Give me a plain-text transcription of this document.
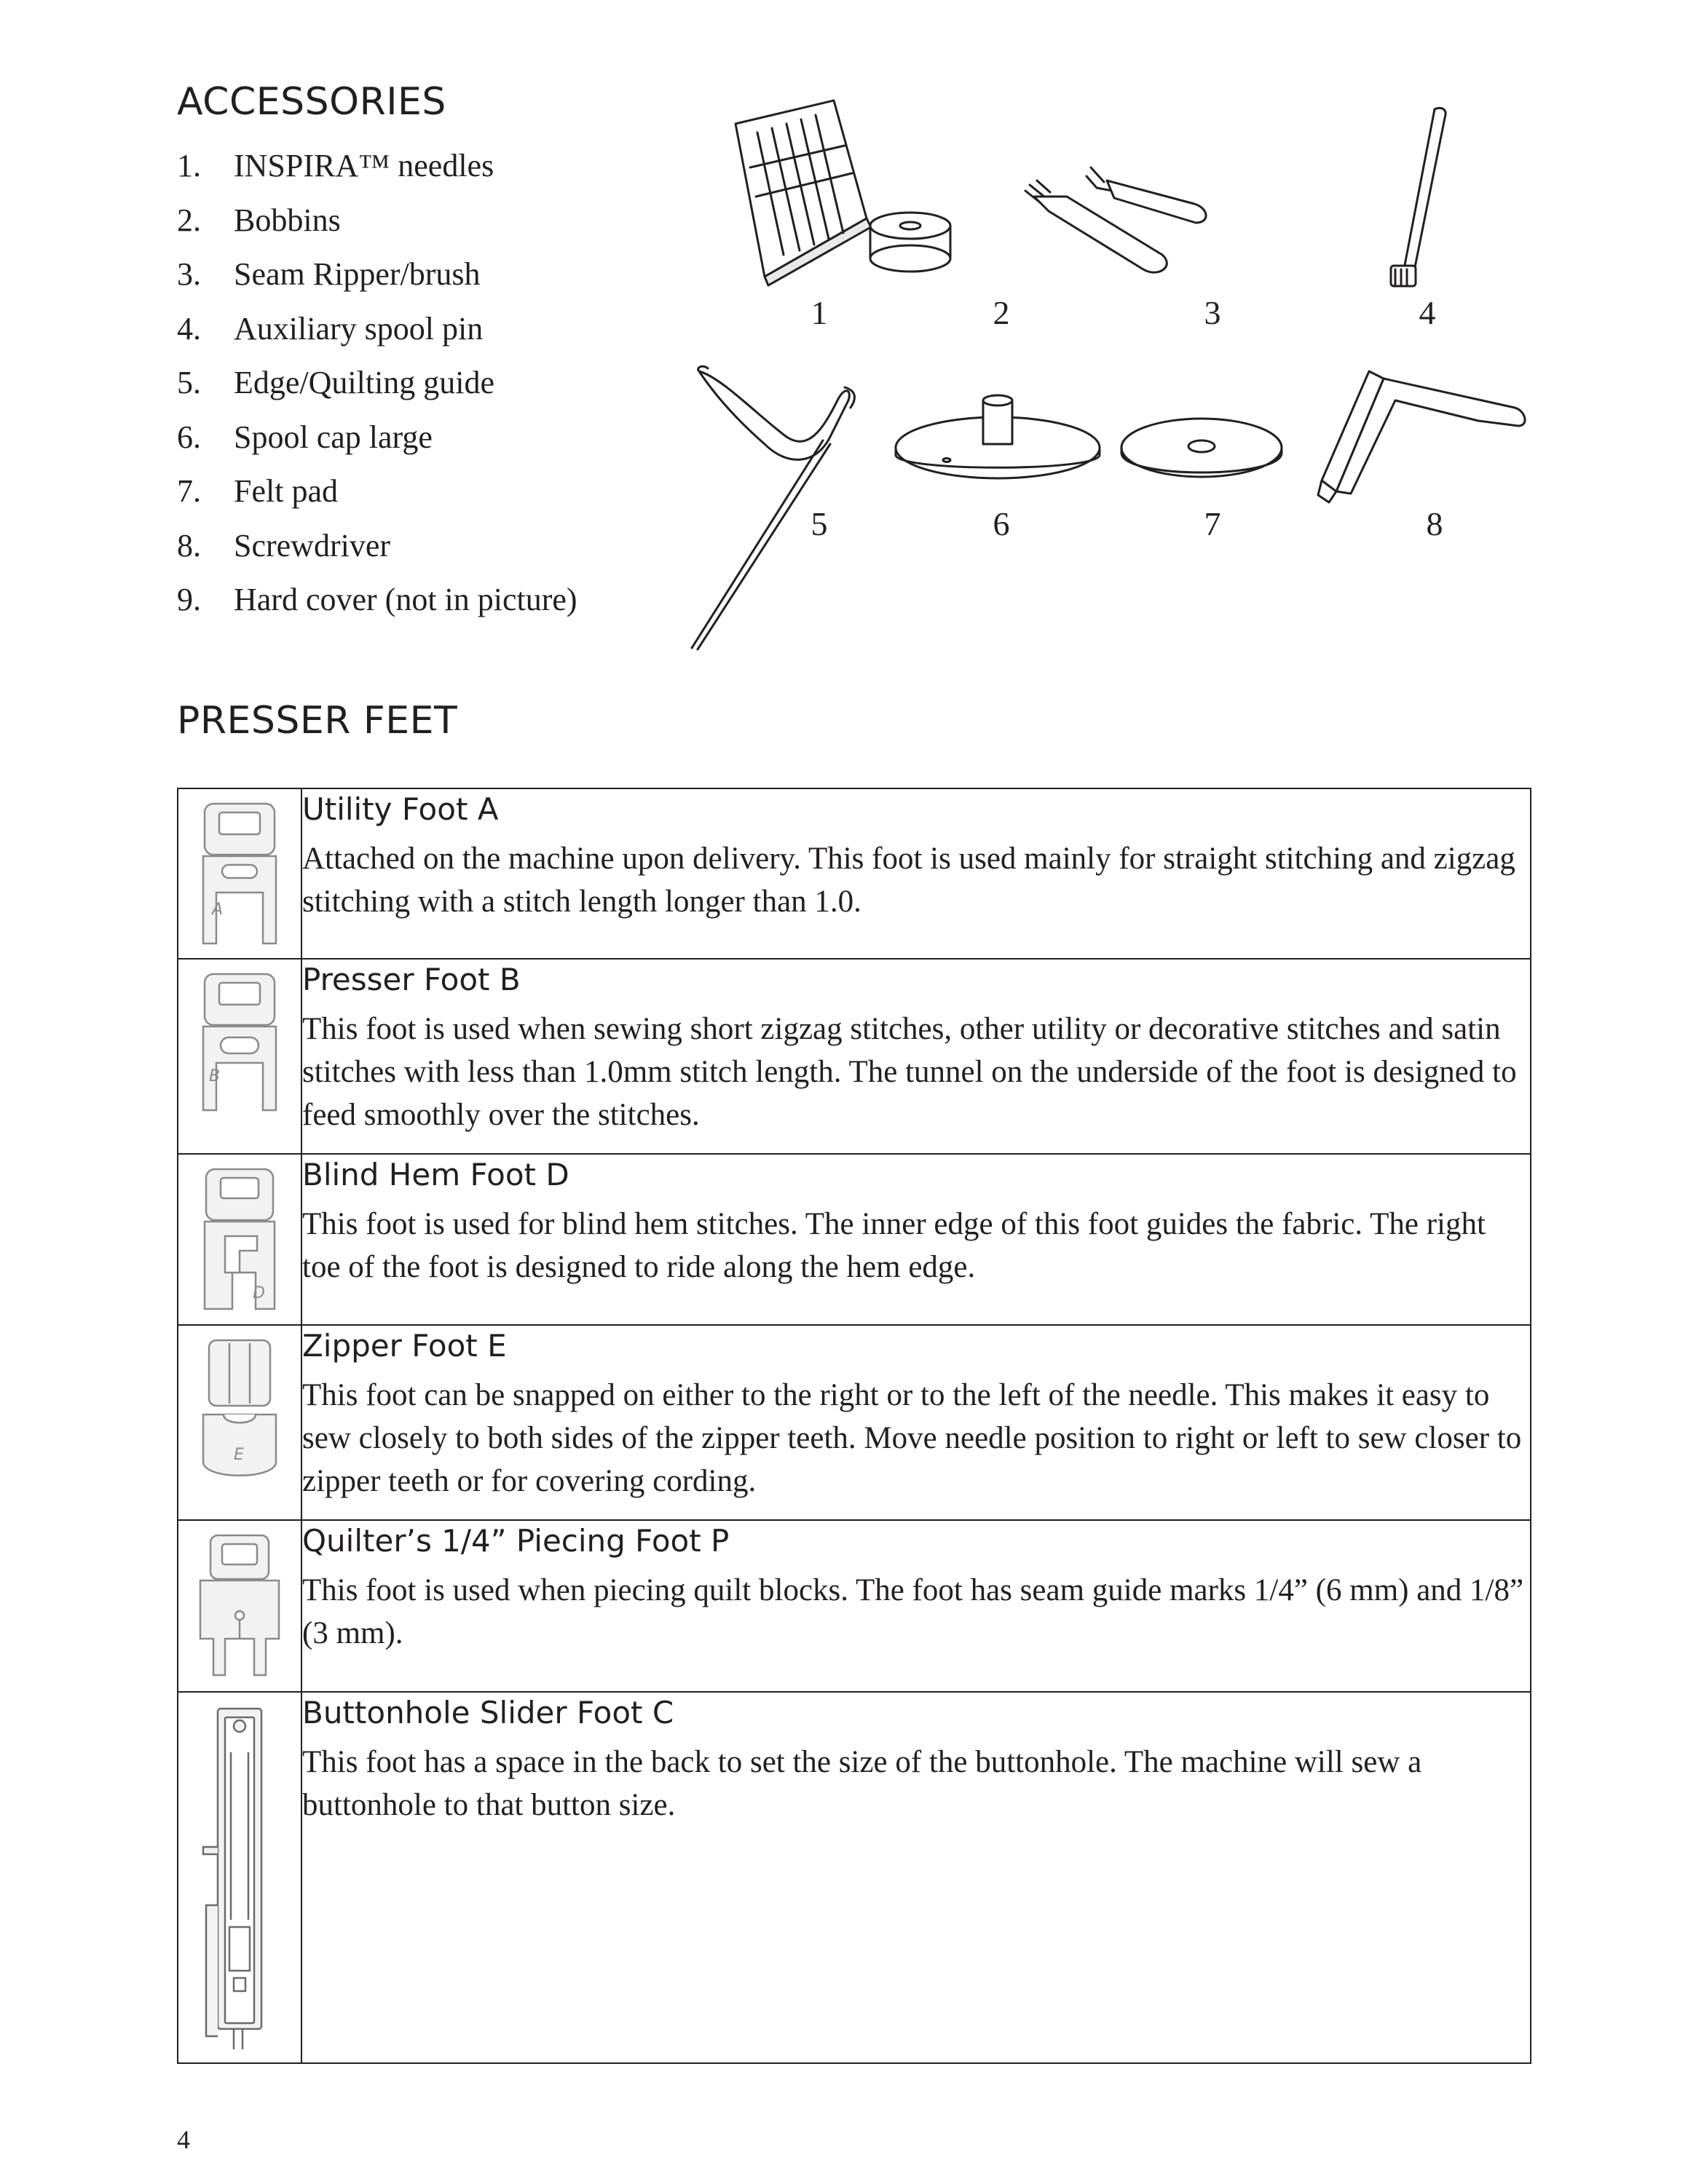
ACCESSORIES
1. INSPIRA™ needles
2. Bobbins
3. Seam Ripper/brush
4. Auxiliary spool pin
5. Edge/Quilting guide
6. Spool cap large
7. Felt pad
8. Screwdriver
9. Hard cover (not in picture)
1	2	3	4
5	6	7	8
PRESSER FEET
A	Utility Foot A

Attached on the machine upon delivery. This foot is used mainly for straight stitching and zigzag stitching with a stitch length longer than 1.0.

B	Presser Foot B

This foot is used when sewing short zigzag stitches, other utility or decorative stitches and satin stitches with less than 1.0mm stitch length. The tunnel on the underside of the foot is designed to feed smoothly over the stitches.

D	Blind Hem Foot D

This foot is used for blind hem stitches. The inner edge of this foot guides the fabric. The right toe of the foot is designed to ride along the hem edge.

E	Zipper Foot E

This foot can be snapped on either to the right or to the left of the needle. This makes it easy to sew closely to both sides of the zipper teeth. Move needle position to right or left to sew closer to zipper teeth or for covering cording.

Quilter’s 1/4” Piecing Foot P

This foot is used when piecing quilt blocks. The foot has seam guide marks 1/4” (6 mm) and 1/8” (3 mm).

Buttonhole Slider Foot C

This foot has a space in the back to set the size of the buttonhole. The machine will sew a buttonhole to that button size.

4
